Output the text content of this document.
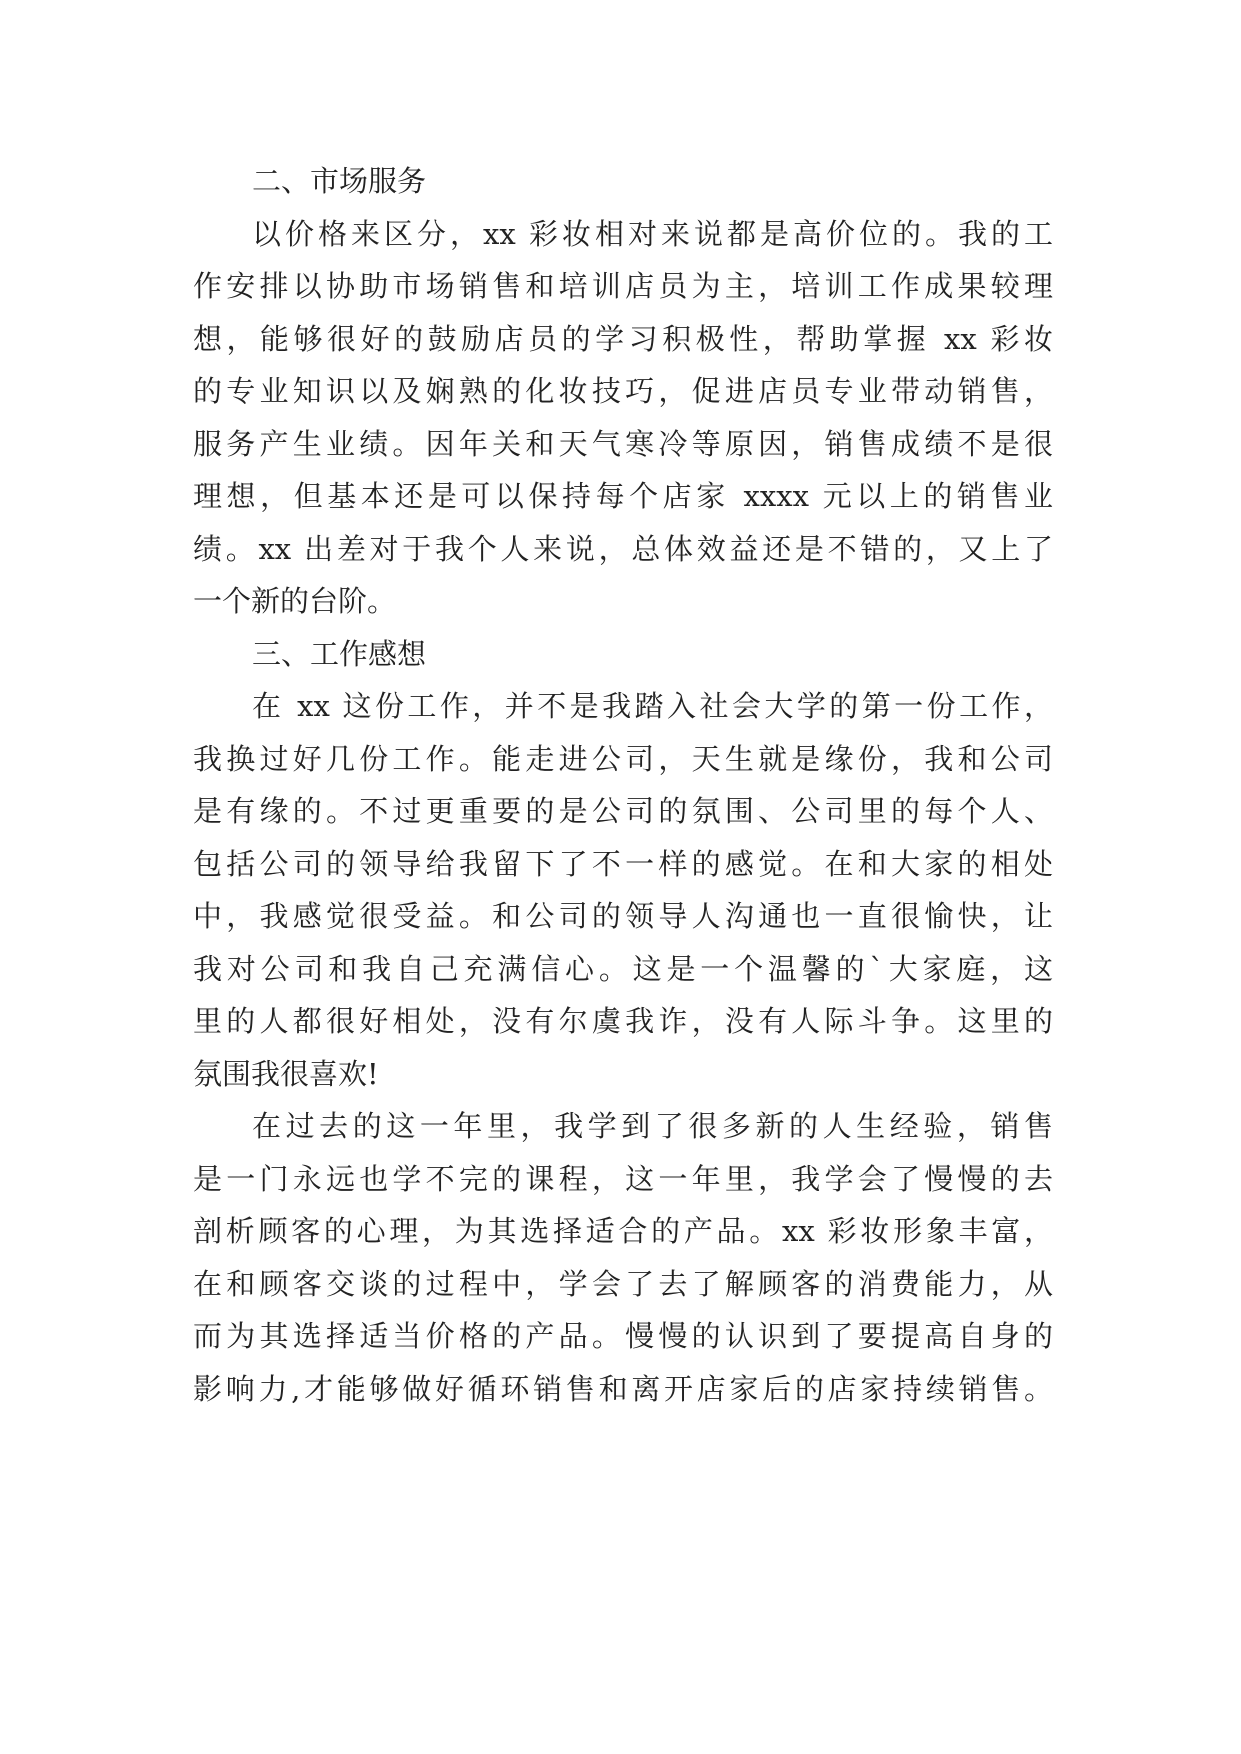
二、市场服务
以价格来区分，xx 彩妆相对来说都是高价位的。我的工
作安排以协助市场销售和培训店员为主，培训工作成果较理
想，能够很好的鼓励店员的学习积极性，帮助掌握 xx 彩妆
的专业知识以及娴熟的化妆技巧，促进店员专业带动销售，
服务产生业绩。因年关和天气寒冷等原因，销售成绩不是很
理想，但基本还是可以保持每个店家 xxxx 元以上的销售业
绩。xx 出差对于我个人来说，总体效益还是不错的，又上了
一个新的台阶。
三、工作感想
在 xx 这份工作，并不是我踏入社会大学的第一份工作，
我换过好几份工作。能走进公司，天生就是缘份，我和公司
是有缘的。不过更重要的是公司的氛围、公司里的每个人、
包括公司的领导给我留下了不一样的感觉。在和大家的相处
中，我感觉很受益。和公司的领导人沟通也一直很愉快，让
我对公司和我自己充满信心。这是一个温馨的`大家庭，这
里的人都很好相处，没有尔虞我诈，没有人际斗争。这里的
氛围我很喜欢!
在过去的这一年里，我学到了很多新的人生经验，销售
是一门永远也学不完的课程，这一年里，我学会了慢慢的去
剖析顾客的心理，为其选择适合的产品。xx 彩妆形象丰富，
在和顾客交谈的过程中，学会了去了解顾客的消费能力，从
而为其选择适当价格的产品。慢慢的认识到了要提高自身的
影响力,才能够做好循环销售和离开店家后的店家持续销售。
